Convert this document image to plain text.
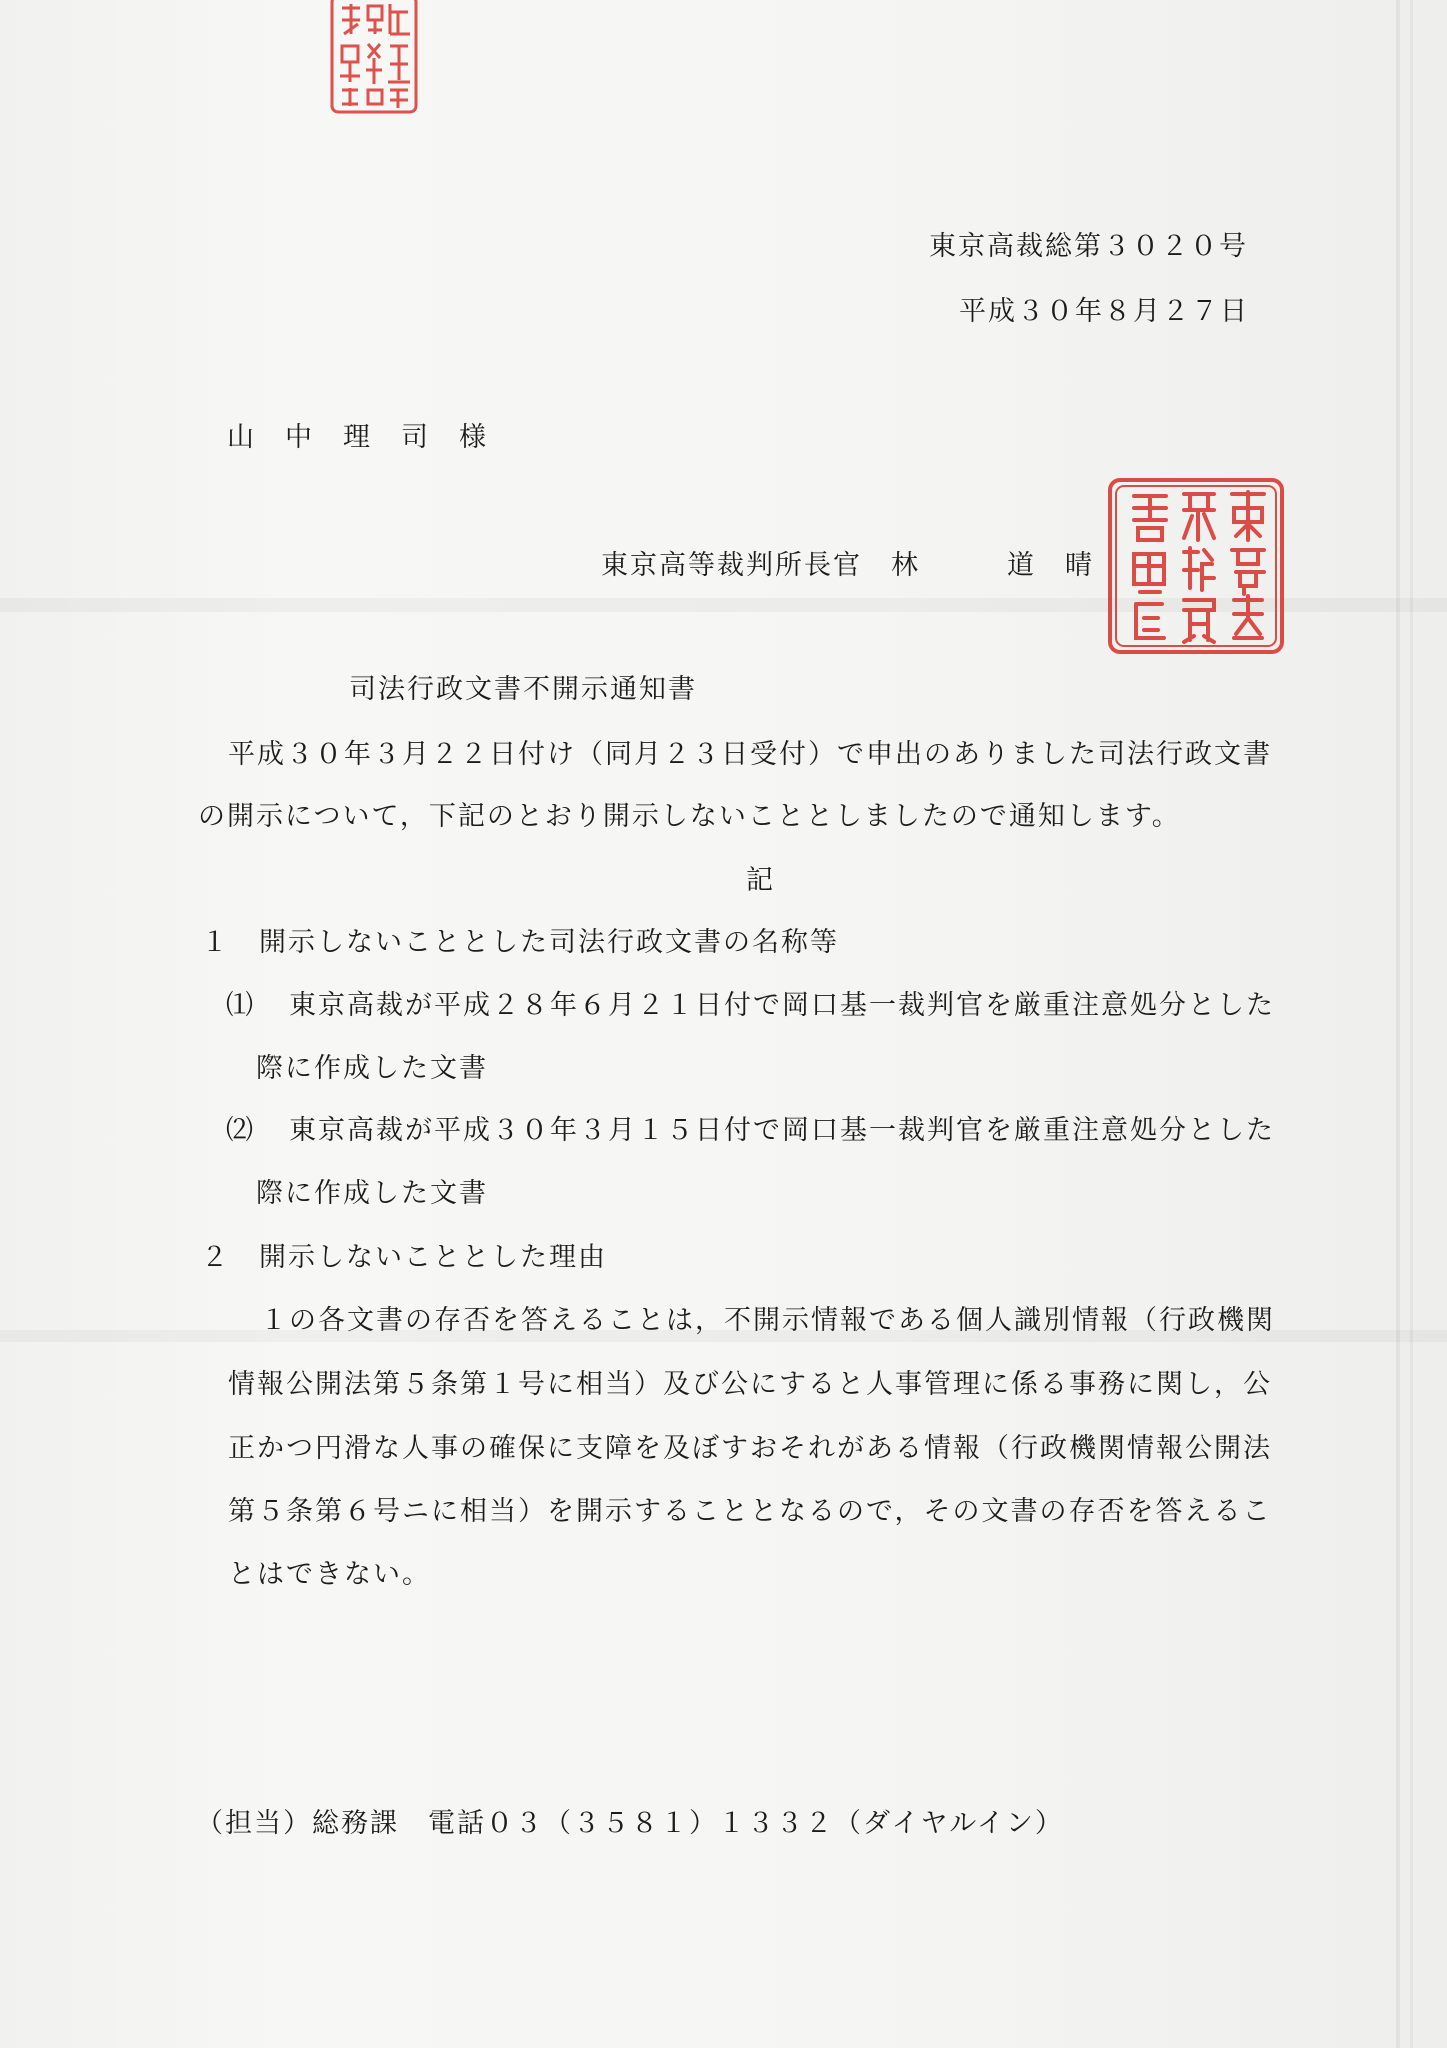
東京高裁総第３０２０号
平成３０年８月２７日
山　中　理　司　様
東京高等裁判所長官　林　　　道　晴
司法行政文書不開示通知書
平成３０年３月２２日付け（同月２３日受付）で申出のありました司法行政文書
の開示について，下記のとおり開示しないこととしましたので通知します。
記
１　開示しないこととした司法行政文書の名称等
⑴ 東京高裁が平成２８年６月２１日付で岡口基一裁判官を厳重注意処分とした
際に作成した文書
⑵ 東京高裁が平成３０年３月１５日付で岡口基一裁判官を厳重注意処分とした
際に作成した文書
２　開示しないこととした理由
１の各文書の存否を答えることは，不開示情報である個人識別情報（行政機関
情報公開法第５条第１号に相当）及び公にすると人事管理に係る事務に関し，公
正かつ円滑な人事の確保に支障を及ぼすおそれがある情報（行政機関情報公開法
第５条第６号ニに相当）を開示することとなるので，その文書の存否を答えるこ
とはできない。
（担当）総務課　電話０３（３５８１）１３３２（ダイヤルイン）
